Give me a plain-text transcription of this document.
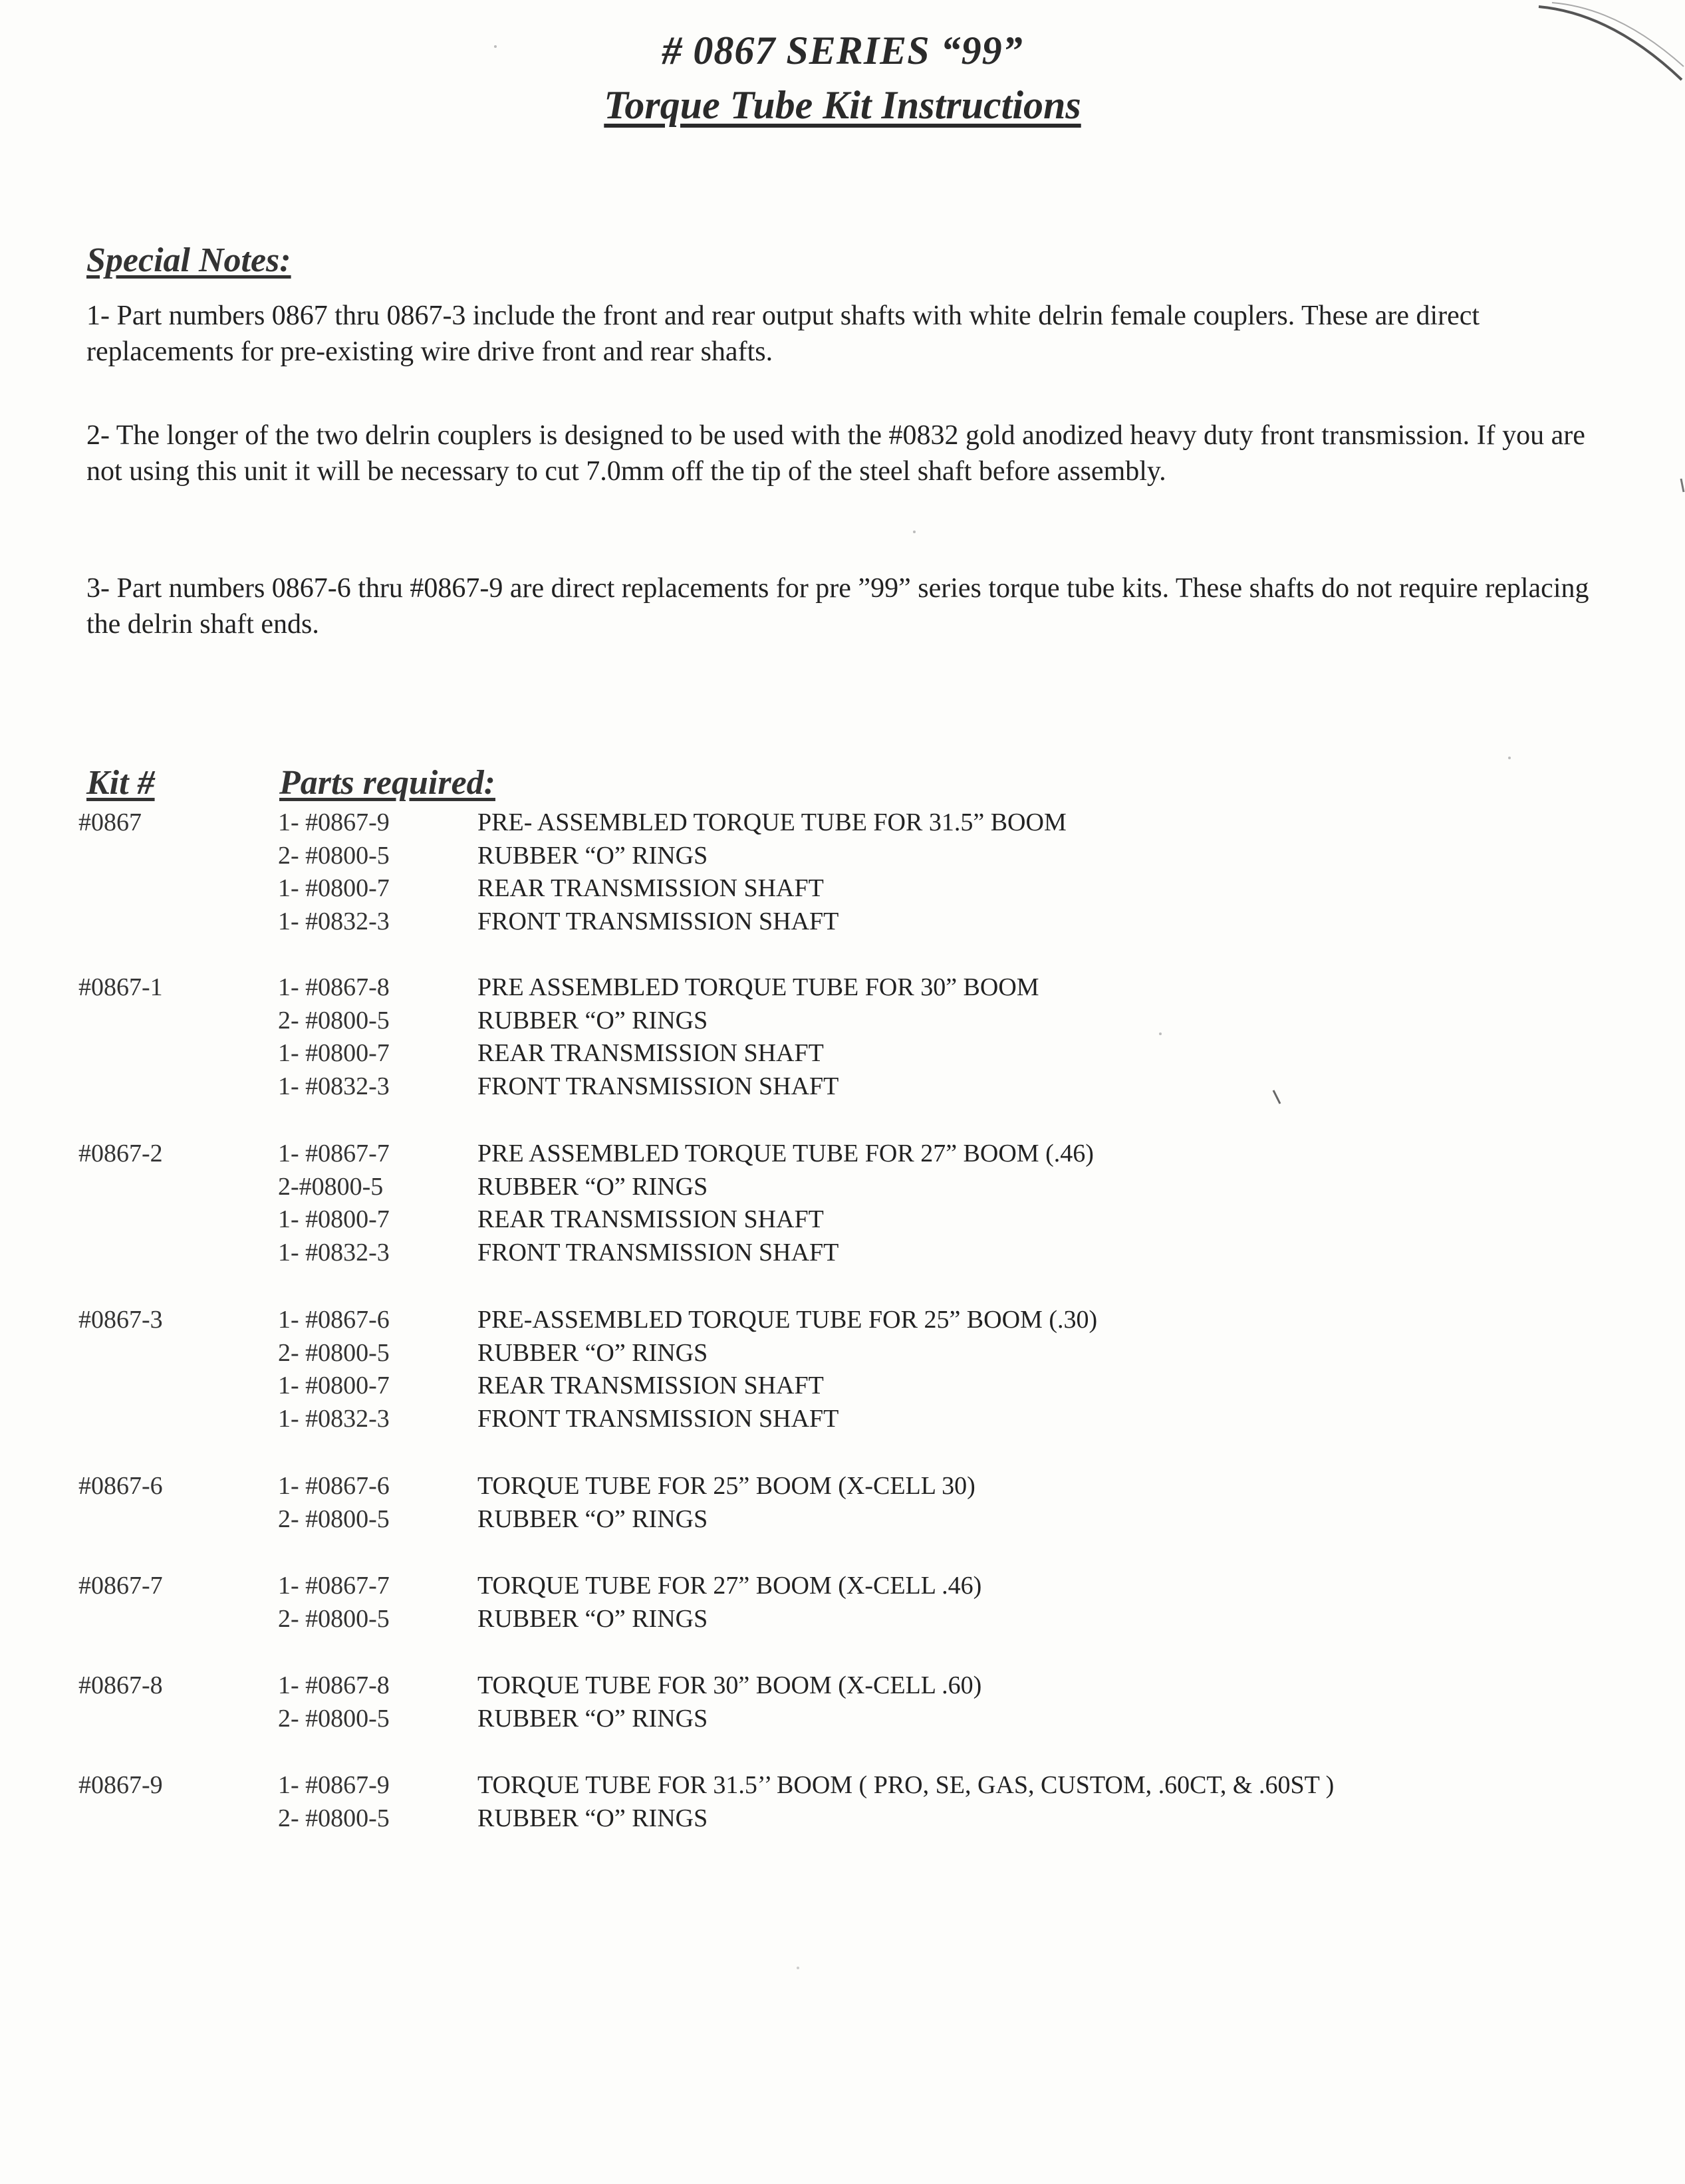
# 0867 SERIES “99”
Torque Tube Kit Instructions
Special Notes:
1- Part numbers 0867 thru 0867-3 include the front and rear output shafts with white delrin female couplers. These are direct replacements for pre-existing wire drive front and rear shafts.
2- The longer of the two delrin couplers is designed to be used with the #0832 gold anodized heavy duty front transmission. If you are not using this unit it will be necessary to cut 7.0mm off the tip of the steel shaft before assembly.
3- Part numbers 0867-6 thru #0867-9 are direct replacements for pre ”99” series torque tube kits. These shafts do not require replacing the delrin shaft ends.
Kit #	Parts required:
#0867	1- #0867-9	PRE- ASSEMBLED TORQUE TUBE FOR 31.5” BOOM
2- #0800-5	RUBBER “O” RINGS
1- #0800-7	REAR TRANSMISSION SHAFT
1- #0832-3	FRONT TRANSMISSION SHAFT
#0867-1	1- #0867-8	PRE ASSEMBLED TORQUE TUBE FOR 30” BOOM
2- #0800-5	RUBBER “O” RINGS
1- #0800-7	REAR TRANSMISSION SHAFT
1- #0832-3	FRONT TRANSMISSION SHAFT
#0867-2	1- #0867-7	PRE ASSEMBLED TORQUE TUBE FOR 27” BOOM (.46)
2-#0800-5	RUBBER “O” RINGS
1- #0800-7	REAR TRANSMISSION SHAFT
1- #0832-3	FRONT TRANSMISSION SHAFT
#0867-3	1- #0867-6	PRE-ASSEMBLED TORQUE TUBE FOR 25” BOOM (.30)
2- #0800-5	RUBBER “O” RINGS
1- #0800-7	REAR TRANSMISSION SHAFT
1- #0832-3	FRONT TRANSMISSION SHAFT
#0867-6	1- #0867-6	TORQUE TUBE FOR 25” BOOM (X-CELL 30)
2- #0800-5	RUBBER “O” RINGS
#0867-7	1- #0867-7	TORQUE TUBE FOR 27” BOOM (X-CELL .46)
2- #0800-5	RUBBER “O” RINGS
#0867-8	1- #0867-8	TORQUE TUBE FOR 30” BOOM (X-CELL .60)
2- #0800-5	RUBBER “O” RINGS
#0867-9	1- #0867-9	TORQUE TUBE FOR 31.5’’ BOOM ( PRO, SE, GAS, CUSTOM, .60CT, & .60ST )
2- #0800-5	RUBBER “O” RINGS
